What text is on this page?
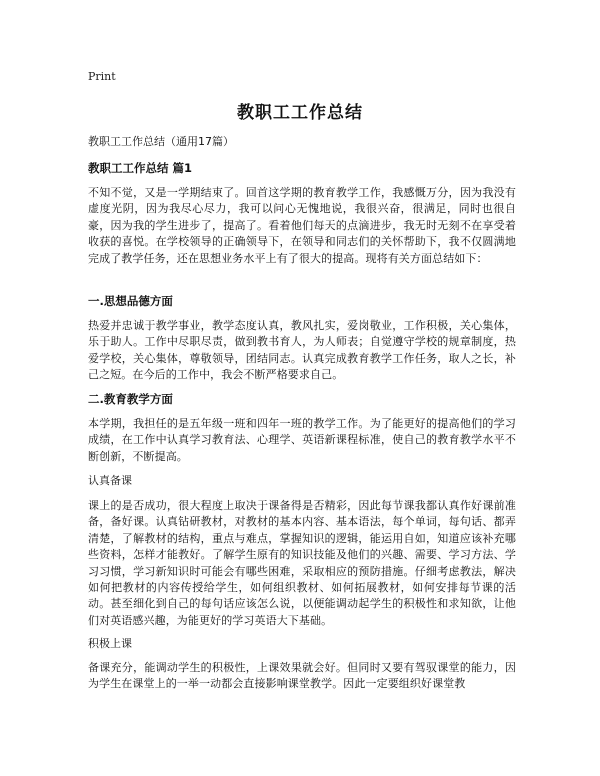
Print
教职工工作总结
教职工工作总结（通用17篇）
教职工工作总结 篇1
不知不觉，又是一学期结束了。回首这学期的教育教学工作，我感慨万分，因为我没有虚度光阴，因为我尽心尽力，我可以问心无愧地说，我很兴奋，很满足，同时也很自豪，因为我的学生进步了，提高了。看着他们每天的点滴进步，我无时无刻不在享受着收获的喜悦。在学校领导的正确领导下，在领导和同志们的关怀帮助下，我不仅圆满地完成了教学任务，还在思想业务水平上有了很大的提高。现将有关方面总结如下：
一.思想品德方面
热爱并忠诚于教学事业，教学态度认真，教风扎实，爱岗敬业，工作积极，关心集体，乐于助人。工作中尽职尽责，做到教书育人，为人师表；自觉遵守学校的规章制度，热爱学校，关心集体，尊敬领导，团结同志。认真完成教育教学工作任务，取人之长，补己之短。在今后的工作中，我会不断严格要求自己。
二.教育教学方面
本学期，我担任的是五年级一班和四年一班的教学工作。为了能更好的提高他们的学习成绩，在工作中认真学习教育法、心理学、英语新课程标准，使自己的教育教学水平不断创新，不断提高。
认真备课
课上的是否成功，很大程度上取决于课备得是否精彩，因此每节课我都认真作好课前准备，备好课。认真钻研教材，对教材的基本内容、基本语法，每个单词，每句话、都弄清楚，了解教材的结构，重点与难点，掌握知识的逻辑，能运用自如，知道应该补充哪些资料，怎样才能教好。了解学生原有的知识技能及他们的兴趣、需要、学习方法、学习习惯，学习新知识时可能会有哪些困难，采取相应的预防措施。仔细考虑教法，解决如何把教材的内容传授给学生，如何组织教材、如何拓展教材，如何安排每节课的活动。甚至细化到自己的每句话应该怎么说，以便能调动起学生的积极性和求知欲，让他们对英语感兴趣，为能更好的学习英语大下基础。
积极上课
备课充分，能调动学生的积极性，上课效果就会好。但同时又要有驾驭课堂的能力，因为学生在课堂上的一举一动都会直接影响课堂教学。因此一定要组织好课堂教
